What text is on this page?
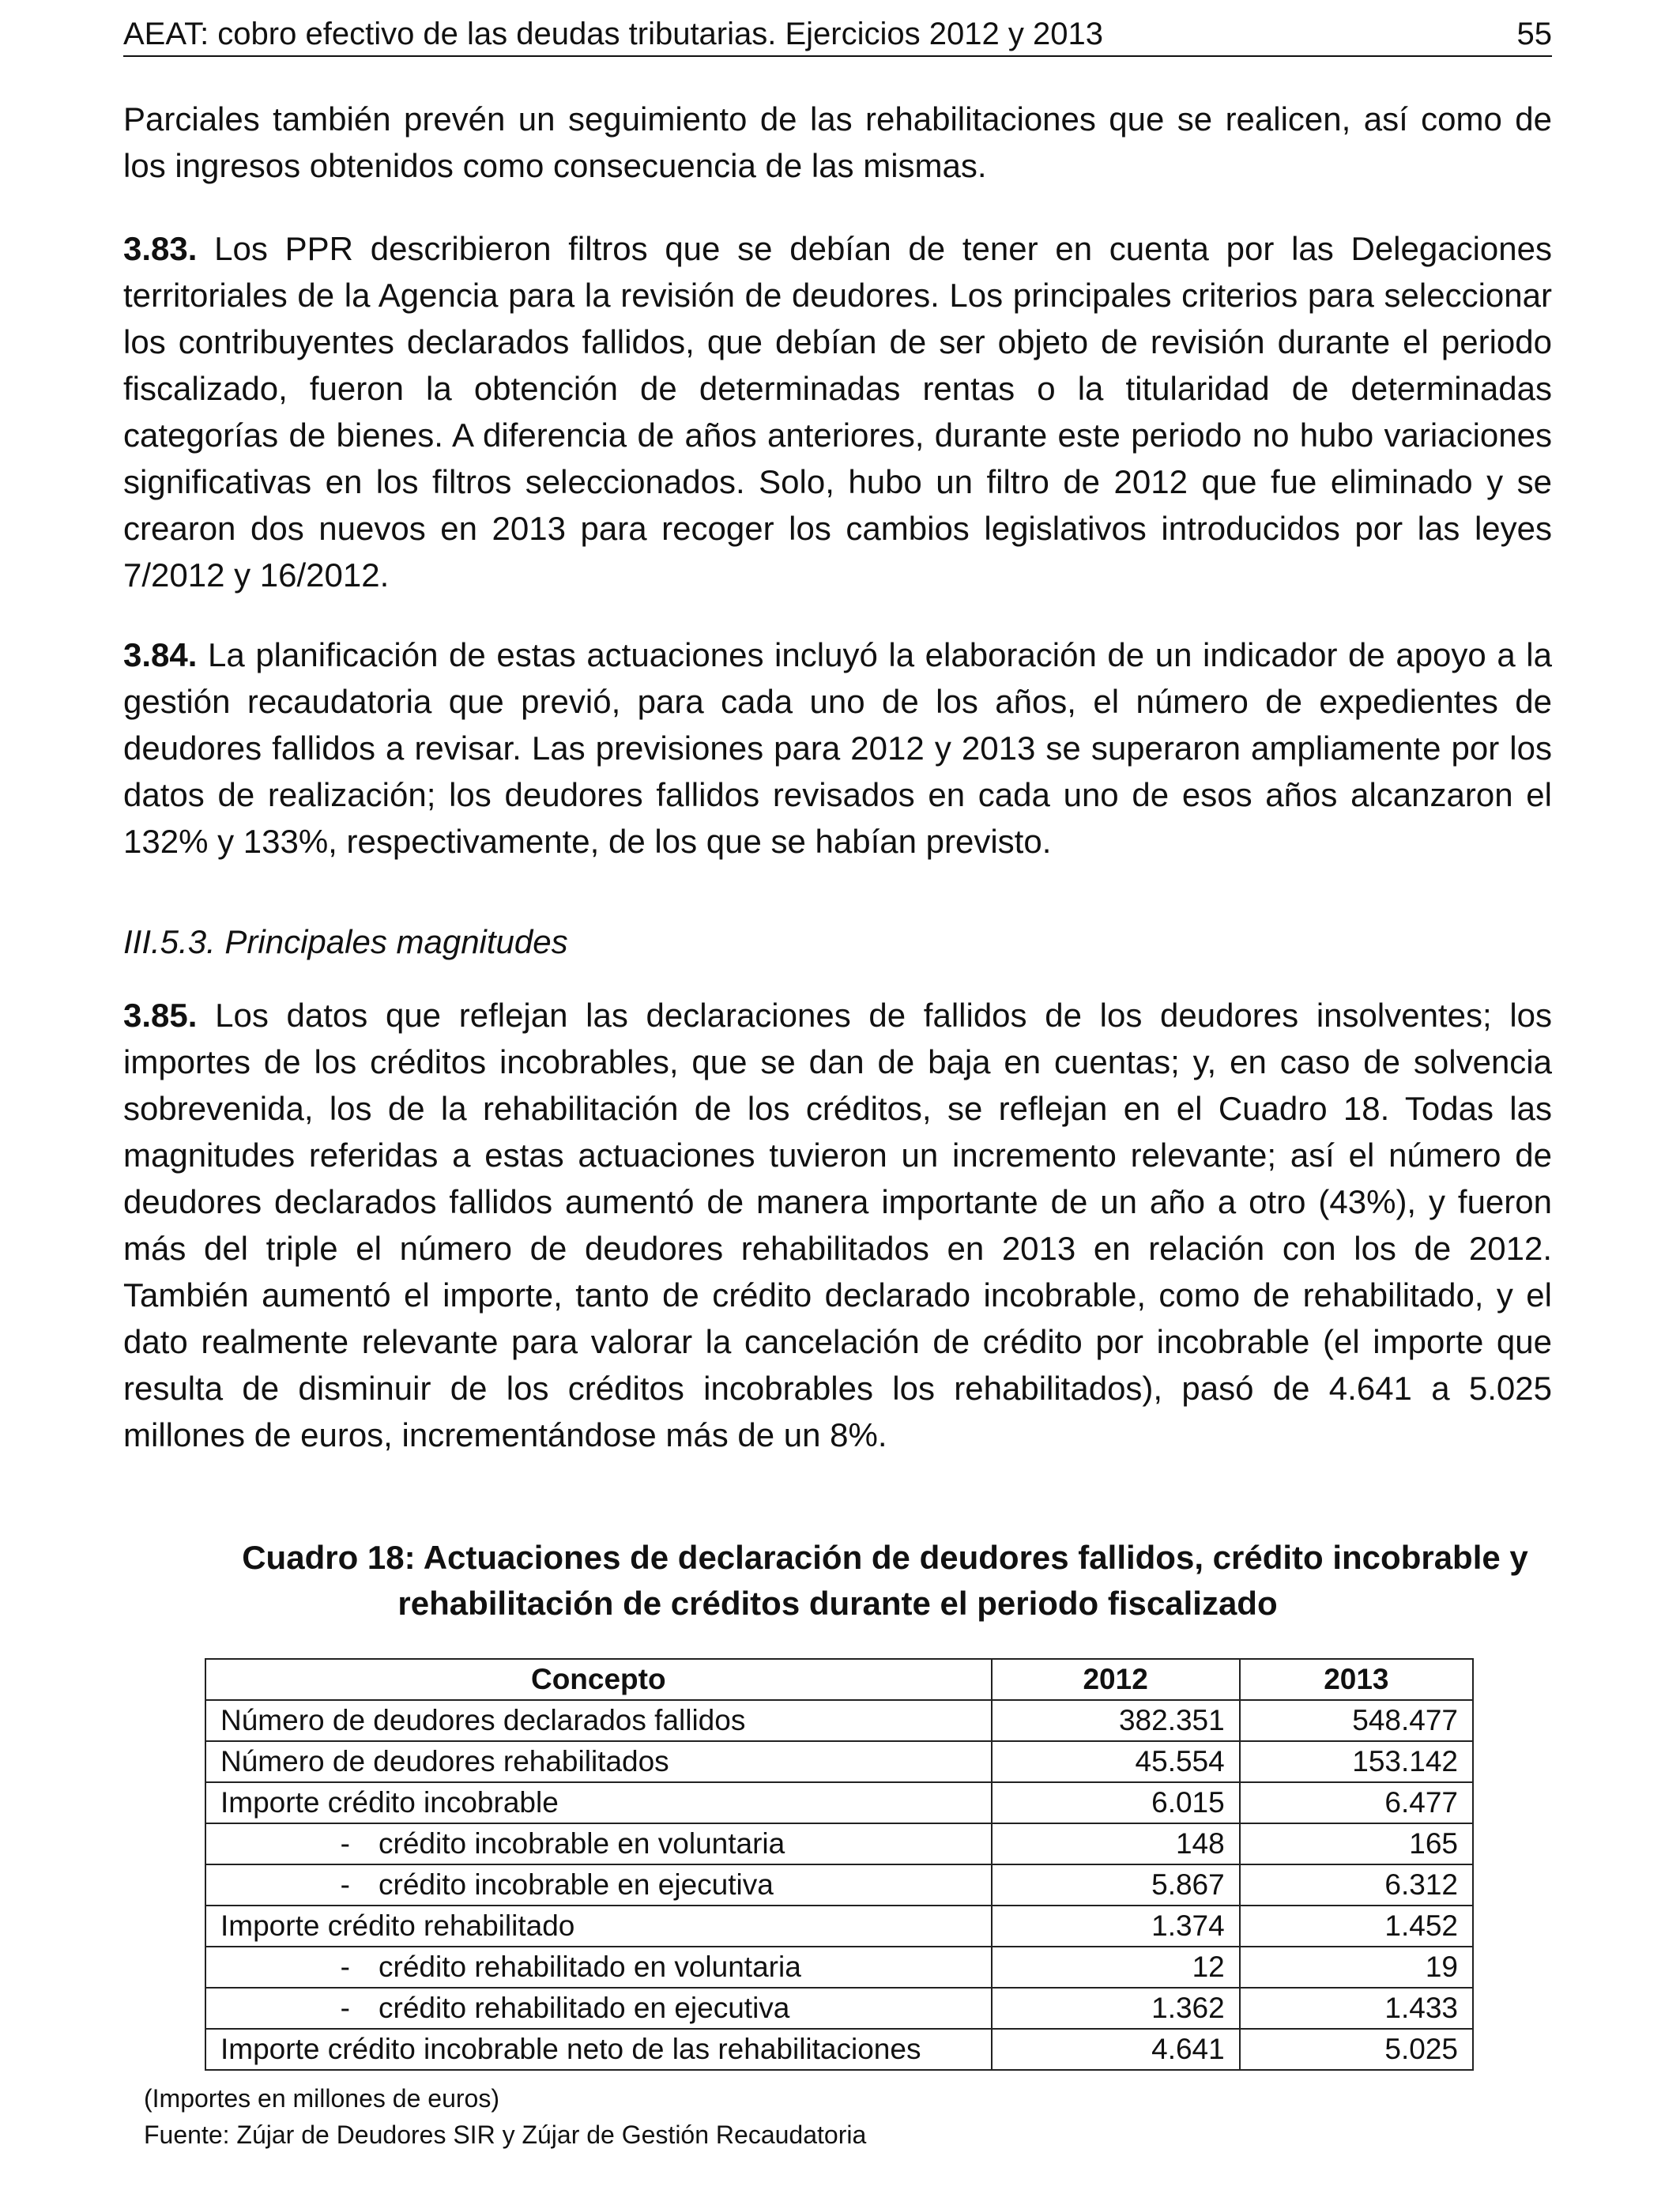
AEAT: cobro efectivo de las deudas tributarias. Ejercicios 2012 y 2013	55

Parciales también prevén un seguimiento de las rehabilitaciones que se realicen, así como de los ingresos obtenidos como consecuencia de las mismas.

3.83. Los PPR describieron filtros que se debían de tener en cuenta por las Delegaciones territoriales de la Agencia para la revisión de deudores. Los principales criterios para seleccionar los contribuyentes declarados fallidos, que debían de ser objeto de revisión durante el periodo fiscalizado, fueron la obtención de determinadas rentas o la titularidad de determinadas categorías de bienes. A diferencia de años anteriores, durante este periodo no hubo variaciones significativas en los filtros seleccionados. Solo, hubo un filtro de 2012 que fue eliminado y se crearon dos nuevos en 2013 para recoger los cambios legislativos introducidos por las leyes 7/2012 y 16/2012.

3.84. La planificación de estas actuaciones incluyó la elaboración de un indicador de apoyo a la gestión recaudatoria que previó, para cada uno de los años, el número de expedientes de deudores fallidos a revisar. Las previsiones para 2012 y 2013 se superaron ampliamente por los datos de realización; los deudores fallidos revisados en cada uno de esos años alcanzaron el 132% y 133%, respectivamente, de los que se habían previsto.

III.5.3. Principales magnitudes

3.85. Los datos que reflejan las declaraciones de fallidos de los deudores insolventes; los importes de los créditos incobrables, que se dan de baja en cuentas; y, en caso de solvencia sobrevenida, los de la rehabilitación de los créditos, se reflejan en el Cuadro 18. Todas las magnitudes referidas a estas actuaciones tuvieron un incremento relevante; así el número de deudores declarados fallidos aumentó de manera importante de un año a otro (43%), y fueron más del triple el número de deudores rehabilitados en 2013 en relación con los de 2012. También aumentó el importe, tanto de crédito declarado incobrable, como de rehabilitado, y el dato realmente relevante para valorar la cancelación de crédito por incobrable (el importe que resulta de disminuir de los créditos incobrables los rehabilitados), pasó de 4.641 a 5.025 millones de euros, incrementándose más de un 8%.

Cuadro 18: Actuaciones de declaración de deudores fallidos, crédito incobrable y
rehabilitación de créditos durante el periodo fiscalizado

Concepto	2012	2013
Número de deudores declarados fallidos	382.351	548.477
Número de deudores rehabilitados	45.554	153.142
Importe crédito incobrable	6.015	6.477
- crédito incobrable en voluntaria	148	165
- crédito incobrable en ejecutiva	5.867	6.312
Importe crédito rehabilitado	1.374	1.452
- crédito rehabilitado en voluntaria	12	19
- crédito rehabilitado en ejecutiva	1.362	1.433
Importe crédito incobrable neto de las rehabilitaciones	4.641	5.025

(Importes en millones de euros)

Fuente: Zújar de Deudores SIR y Zújar de Gestión Recaudatoria
